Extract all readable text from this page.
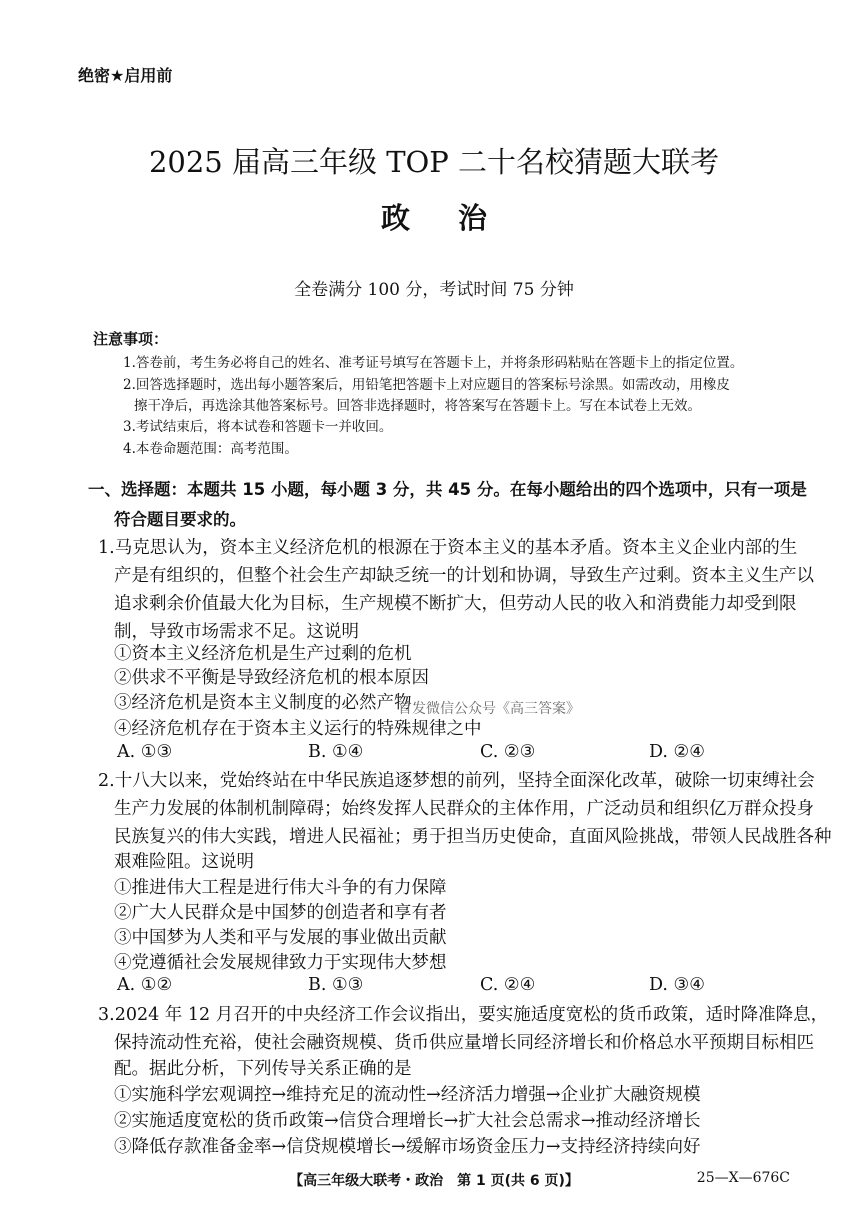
绝密★启用前
2025 届高三年级 TOP 二十名校猜题大联考
政治
全卷满分 100 分，考试时间 75 分钟
注意事项：
1.答卷前，考生务必将自己的姓名、准考证号填写在答题卡上，并将条形码粘贴在答题卡上的指定位置。
2.回答选择题时，选出每小题答案后，用铅笔把答题卡上对应题目的答案标号涂黑。如需改动，用橡皮
擦干净后，再选涂其他答案标号。回答非选择题时，将答案写在答题卡上。写在本试卷上无效。
3.考试结束后，将本试卷和答题卡一并收回。
4.本卷命题范围：高考范围。
一、选择题：本题共 15 小题，每小题 3 分，共 45 分。在每小题给出的四个选项中，只有一项是
符合题目要求的。
1.马克思认为，资本主义经济危机的根源在于资本主义的基本矛盾。资本主义企业内部的生
产是有组织的，但整个社会生产却缺乏统一的计划和协调，导致生产过剩。资本主义生产以
追求剩余价值最大化为目标，生产规模不断扩大，但劳动人民的收入和消费能力却受到限
制，导致市场需求不足。这说明
①资本主义经济危机是生产过剩的危机
②供求不平衡是导致经济危机的根本原因
③经济危机是资本主义制度的必然产物
④经济危机存在于资本主义运行的特殊规律之中
A. ①③	B. ①④	C. ②③	D. ②④
首发微信公众号《高三答案》
2.十八大以来，党始终站在中华民族追逐梦想的前列，坚持全面深化改革，破除一切束缚社会
生产力发展的体制机制障碍；始终发挥人民群众的主体作用，广泛动员和组织亿万群众投身
民族复兴的伟大实践，增进人民福祉；勇于担当历史使命，直面风险挑战，带领人民战胜各种
艰难险阻。这说明
①推进伟大工程是进行伟大斗争的有力保障
②广大人民群众是中国梦的创造者和享有者
③中国梦为人类和平与发展的事业做出贡献
④党遵循社会发展规律致力于实现伟大梦想
A. ①②	B. ①③	C. ②④	D. ③④
3.2024 年 12 月召开的中央经济工作会议指出，要实施适度宽松的货币政策，适时降准降息，
保持流动性充裕，使社会融资规模、货币供应量增长同经济增长和价格总水平预期目标相匹
配。据此分析，下列传导关系正确的是
①实施科学宏观调控→维持充足的流动性→经济活力增强→企业扩大融资规模
②实施适度宽松的货币政策→信贷合理增长→扩大社会总需求→推动经济增长
③降低存款准备金率→信贷规模增长→缓解市场资金压力→支持经济持续向好
【高三年级大联考・政治　第 1 页(共 6 页)】	25—X—676C
